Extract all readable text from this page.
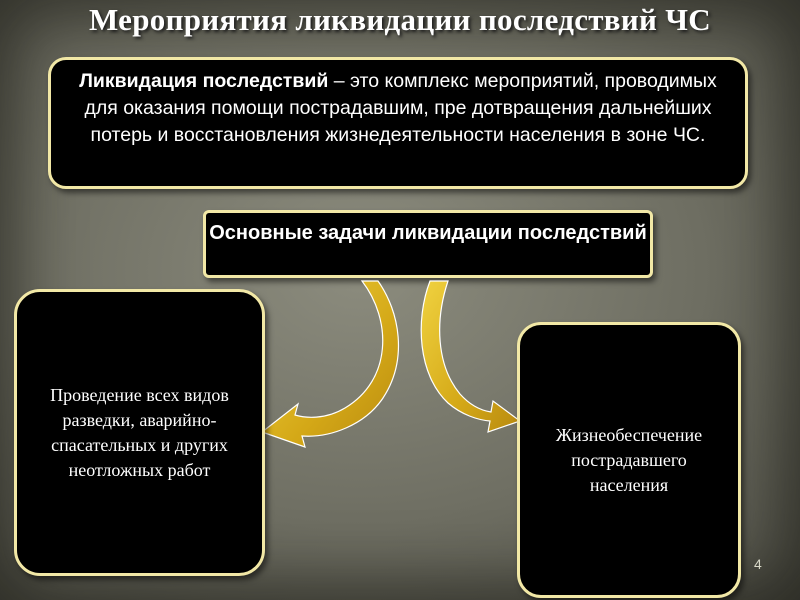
Мероприятия ликвидации последствий ЧС
Ликвидация последствий – это комплекс мероприятий, проводимых для оказания помощи пострадавшим, пре дотвращения дальнейших потерь и восстановления жизнедеятельности населения в зоне ЧС.
Основные задачи ликвидации последствий
Проведение всех видов разведки, аварийно-спасательных и других неотложных работ
Жизнеобеспечение пострадавшего населения
4
